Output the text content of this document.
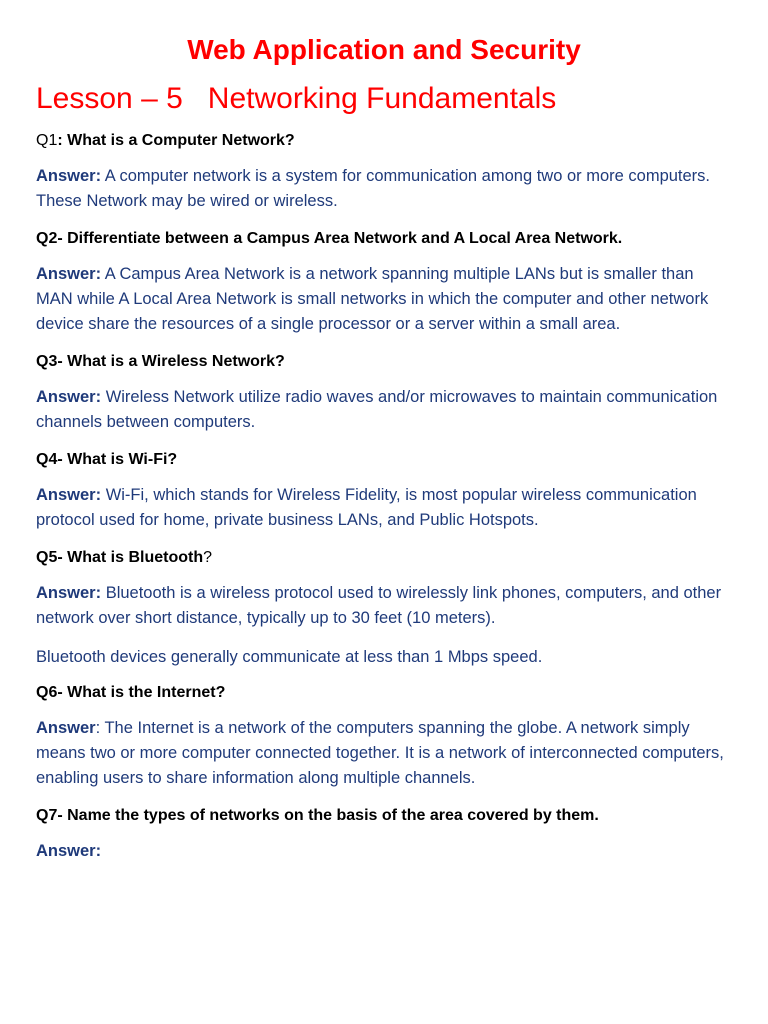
Web Application and Security
Lesson – 5   Networking Fundamentals

Q1: What is a Computer Network?

Answer: A computer network is a system for communication among two or more computers. These Network may be wired or wireless.

Q2- Differentiate between a Campus Area Network and A Local Area Network.

Answer: A Campus Area Network is a network spanning multiple LANs but is smaller than MAN while A Local Area Network is small networks in which the computer and other network device share the resources of a single processor or a server within a small area.

Q3- What is a Wireless Network?

Answer: Wireless Network utilize radio waves and/or microwaves to maintain communication channels between computers.

Q4- What is Wi-Fi?

Answer: Wi-Fi, which stands for Wireless Fidelity, is most popular wireless communication protocol used for home, private business LANs, and Public Hotspots.

Q5- What is Bluetooth?

Answer: Bluetooth is a wireless protocol used to wirelessly link phones, computers, and other network over short distance, typically up to 30 feet (10 meters).

Bluetooth devices generally communicate at less than 1 Mbps speed.

Q6- What is the Internet?

Answer: The Internet is a network of the computers spanning the globe. A network simply means two or more computer connected together. It is a network of interconnected computers, enabling users to share information along multiple channels.

Q7- Name the types of networks on the basis of the area covered by them.

Answer:
